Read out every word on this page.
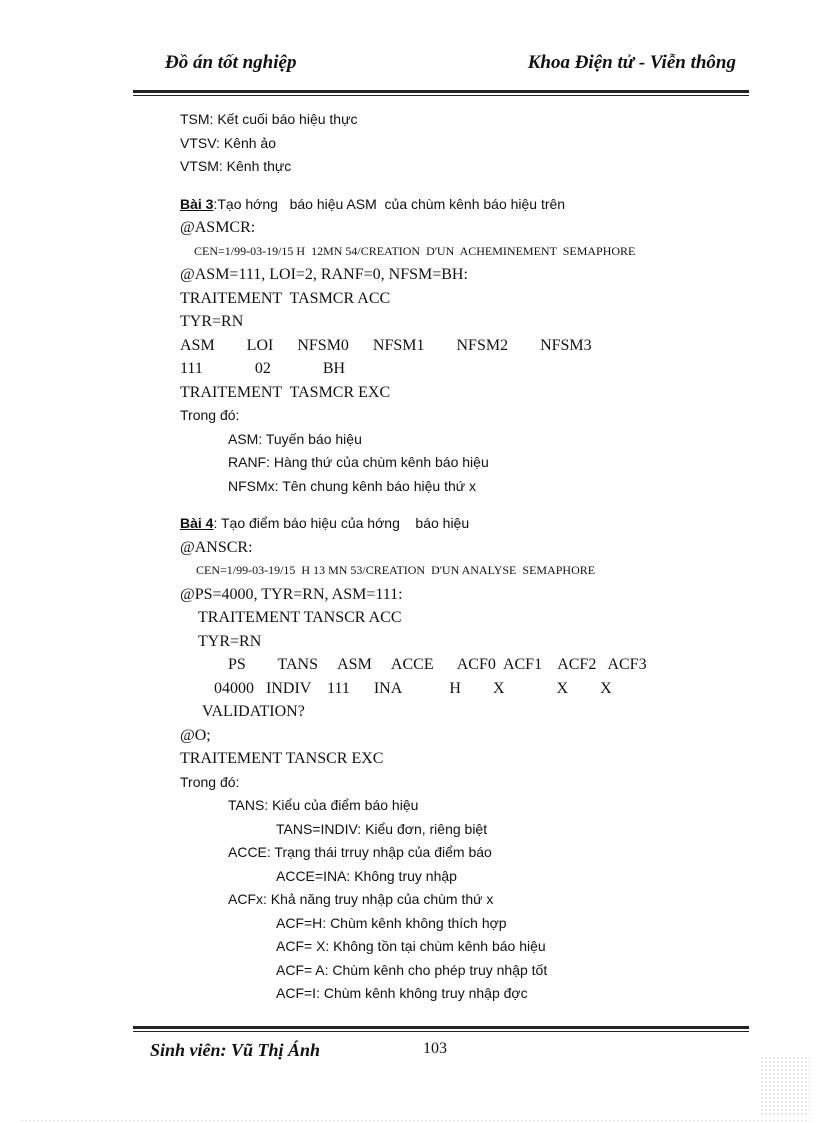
Đồ án tốt nghiệp	Khoa Điện tử - Viễn thông
TSM: Kết cuối báo hiệu thực
VTSV: Kênh ảo
VTSM: Kênh thực
Bài 3:Tạo hớng   báo hiệu ASM  của chùm kênh báo hiệu trên
@ASMCR:
CEN=1/99-03-19/15 H  12MN 54/CREATION  D'UN  ACHEMINEMENT  SEMAPHORE
@ASM=111, LOI=2, RANF=0, NFSM=BH:
TRAITEMENT  TASMCR ACC
TYR=RN
ASM        LOI      NFSM0      NFSM1        NFSM2        NFSM3
111             02             BH
TRAITEMENT  TASMCR EXC
Trong đó:
ASM: Tuyến báo hiệu
RANF: Hàng thứ của chùm kênh báo hiệu
NFSMx: Tên chung kênh báo hiệu thứ x
Bài 4: Tạo điểm báo hiệu của hớng    báo hiệu
@ANSCR:
CEN=1/99-03-19/15  H 13 MN 53/CREATION  D'UN ANALYSE  SEMAPHORE
@PS=4000, TYR=RN, ASM=111:
TRAITEMENT TANSCR ACC
TYR=RN
PS        TANS     ASM     ACCE      ACF0  ACF1    ACF2   ACF3
04000   INDIV    111      INA            H        X             X        X
VALIDATION?
@O;
TRAITEMENT TANSCR EXC
Trong đó:
TANS: Kiểu của điểm báo hiệu
TANS=INDIV: Kiểu đơn, riêng biệt
ACCE: Trạng thái trruy nhập của điểm báo
ACCE=INA: Không truy nhập
ACFx: Khả năng truy nhập của chùm thứ x
ACF=H: Chùm kênh không thích hợp
ACF= X: Không tồn tại chùm kênh báo hiệu
ACF= A: Chùm kênh cho phép truy nhập tốt
ACF=I: Chùm kênh không truy nhập đợc
Sinh viên: Vũ Thị Ánh	103
